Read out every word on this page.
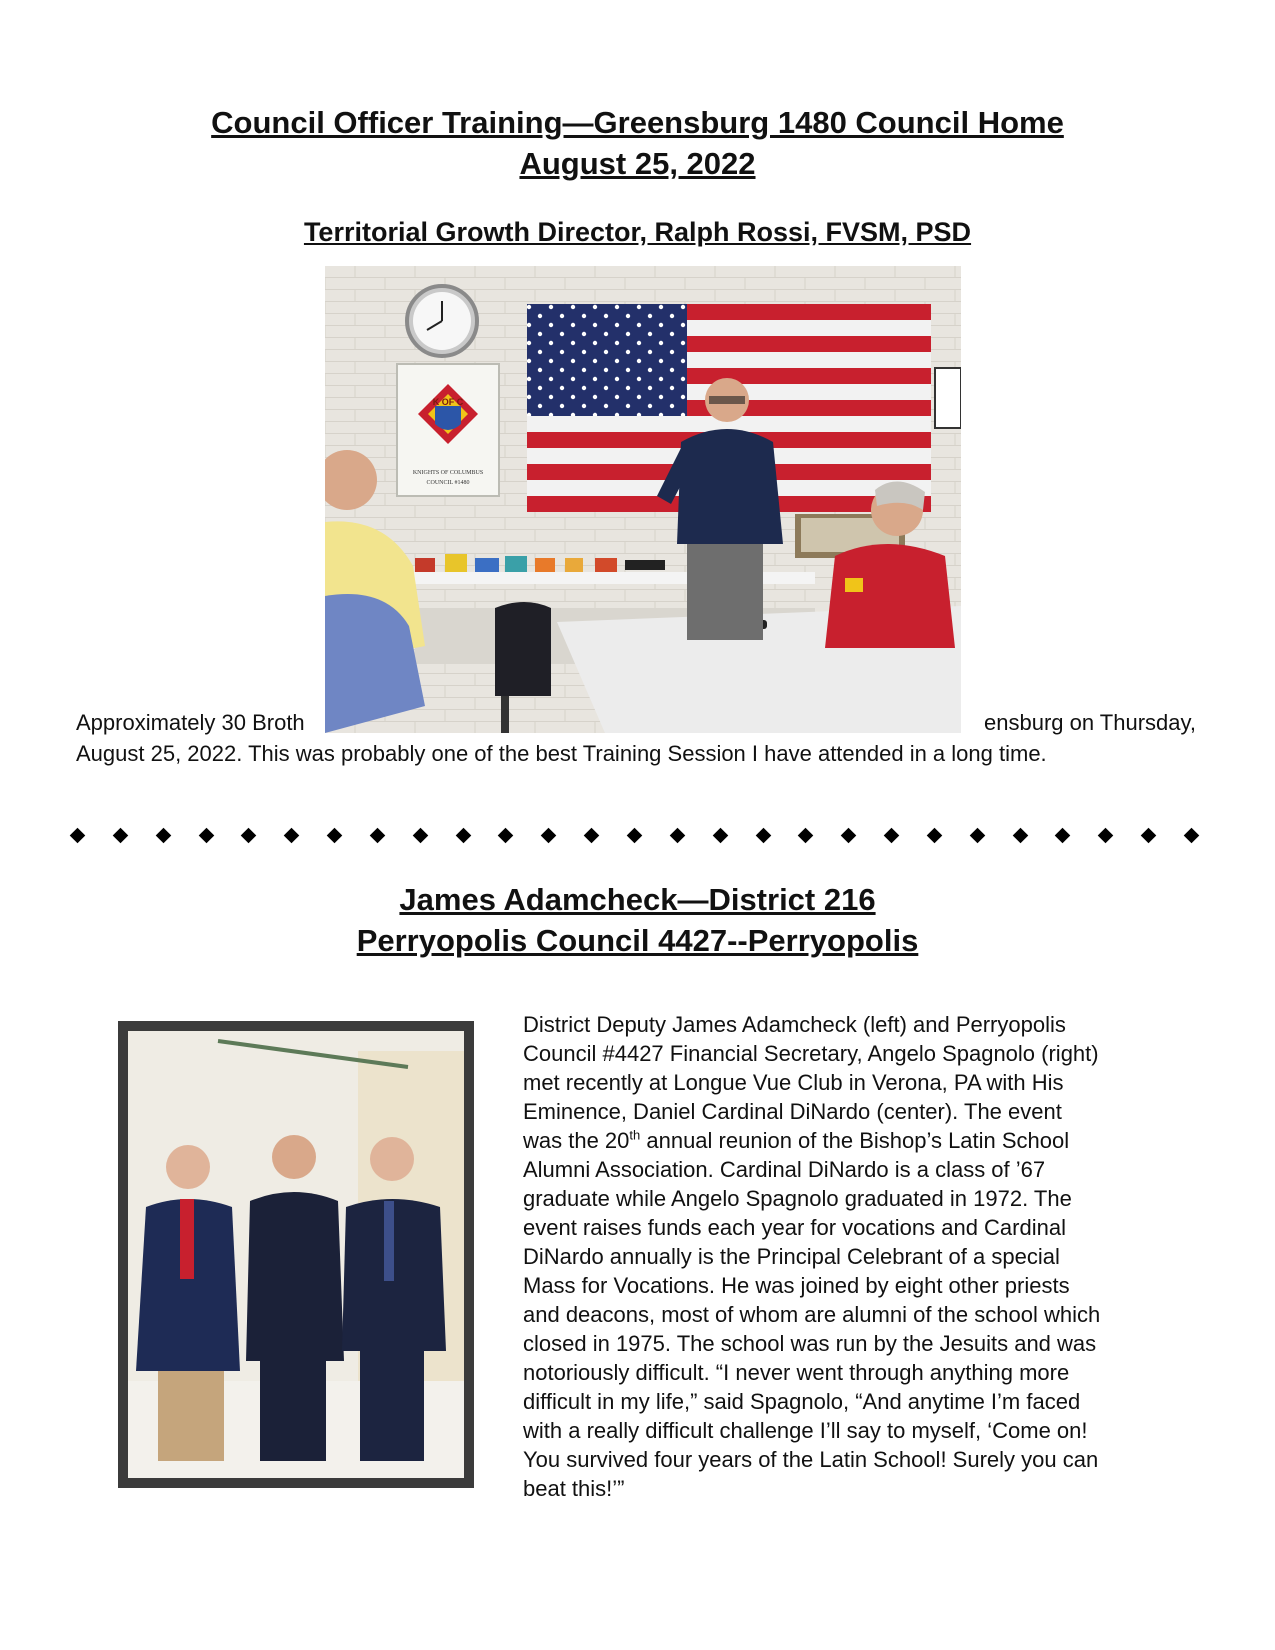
Council Officer Training—Greensburg 1480 Council Home
August 25, 2022
Territorial Growth Director, Ralph Rossi, FVSM, PSD
K OF C
KNIGHTS OF COLUMBUS
COUNCIL #1480
Approximately 30 Broth	ensburg on Thursday,
August 25, 2022. This was probably one of the best Training Session I have attended in a long time.
James Adamcheck—District 216
Perryopolis Council 4427--Perryopolis
District Deputy James Adamcheck (left) and Perryopolis
Council #4427 Financial Secretary, Angelo Spagnolo (right)
met recently at Longue Vue Club in Verona, PA with His
Eminence, Daniel Cardinal DiNardo (center). The event
was the 20th annual reunion of the Bishop’s Latin School
Alumni Association. Cardinal DiNardo is a class of ’67
graduate while Angelo Spagnolo graduated in 1972. The
event raises funds each year for vocations and Cardinal
DiNardo annually is the Principal Celebrant of a special
Mass for Vocations. He was joined by eight other priests
and deacons, most of whom are alumni of the school which
closed in 1975. The school was run by the Jesuits and was
notoriously difficult. “I never went through anything more
difficult in my life,” said Spagnolo, “And anytime I’m faced
with a really difficult challenge I’ll say to myself, ‘Come on!
You survived four years of the Latin School! Surely you can
beat this!’”
